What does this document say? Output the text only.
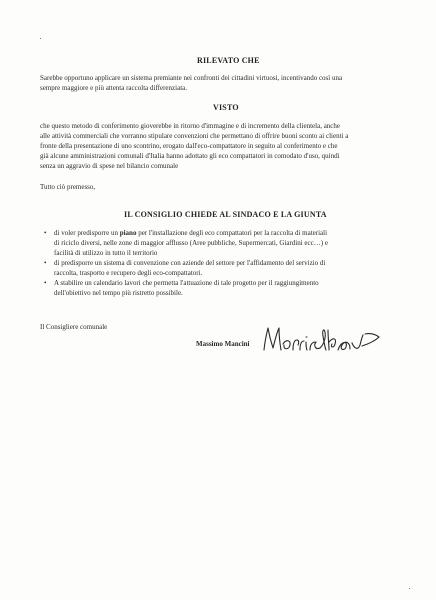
RILEVATO CHE
Sarebbe opportuno applicare un sistema premiante nei confronti dei cittadini virtuosi, incentivando così una
sempre maggiore e più attenta raccolta differenziata.
VISTO
che questo metodo di conferimento gioverebbe in ritorno d'immagine e di incremento della clientela, anche
alle attività commerciali che vorranno stipulare convenzioni che permettano di offrire buoni sconto ai clienti a
fronte della presentazione di uno scontrino, erogato dall'eco-compattatore in seguito al conferimento e che
già alcune amministrazioni comunali d'Italia hanno adottato gli eco compattatori in comodato d'uso, quindi
senza un aggravio di spese nel bilancio comunale
Tutto ciò premesso,
IL CONSIGLIO CHIEDE AL SINDACO E LA GIUNTA
• di voler predisporre un piano per l'installazione degli eco compattatori per la raccolta di materiali
di riciclo diversi, nelle zone di maggior afflusso (Aree pubbliche, Supermercati, Giardini ecc…) e
facilità di utilizzo in tutto il territorio
• di predisporre un sistema di convenzione con aziende del settore per l'affidamento del servizio di
raccolta, trasporto e recupero degli eco-compattatori.
• A stabilire un calendario lavori che permetta l'attuazione di tale progetto per il raggiungimento
dell'obiettivo nel tempo più ristretto possibile.
Il Consigliere comunale
Massimo Mancini
